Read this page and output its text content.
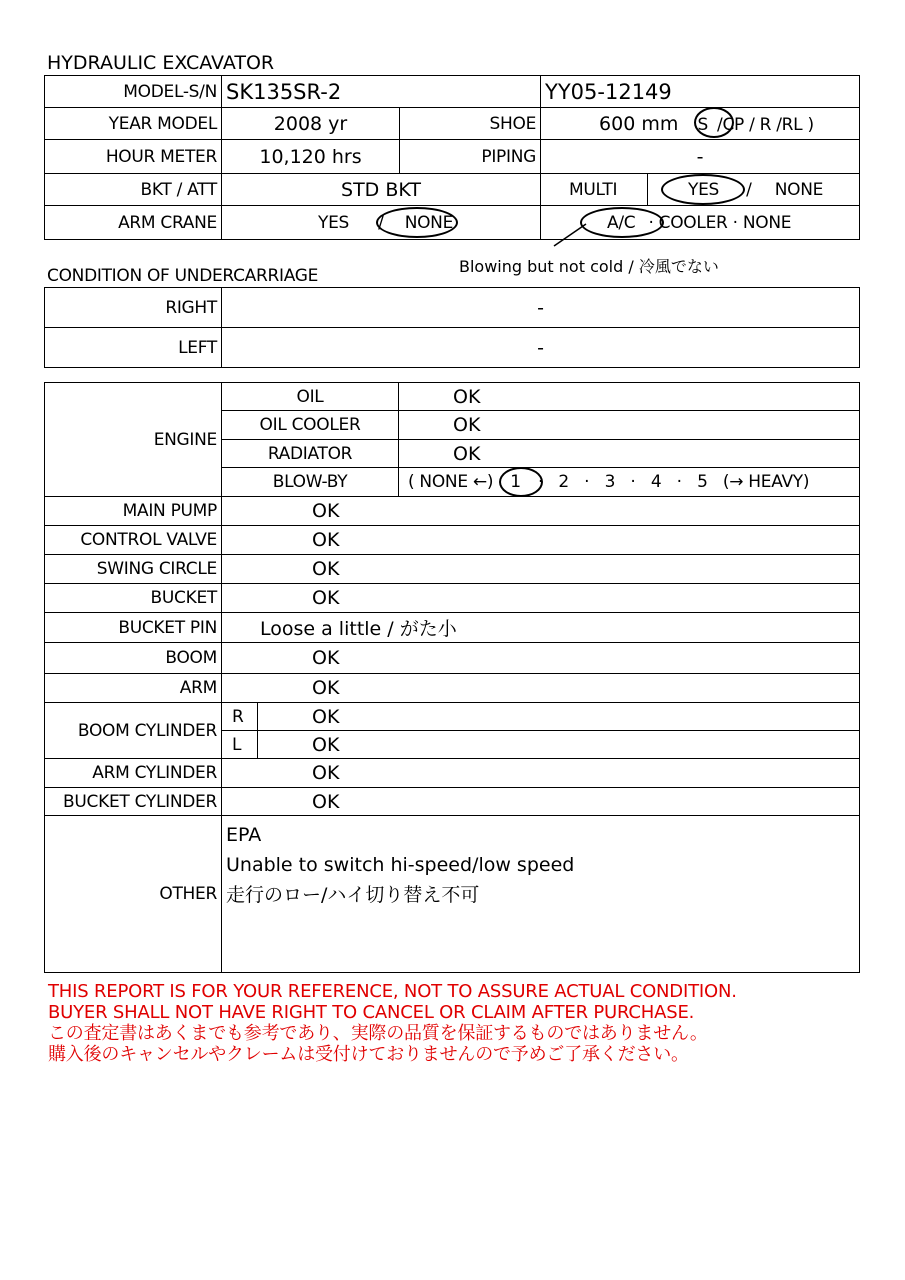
HYDRAULIC EXCAVATOR
MODEL-S/N	SK135SR-2		YY05-12149	
YEAR MODEL	2008 yr	SHOE	600 mm S /CP / R /RL )	
HOUR METER	10,120 hrs	PIPING	-	
BKT / ATT	STD BKT		MULTI	YES / NONE
ARM CRANE	YES / NONE		A/C · COOLER · NONE	
Blowing but not cold / 冷風でない
CONDITION OF UNDERCARRIAGE
RIGHT	-
LEFT	-
ENGINE	OIL		OK
	OIL COOLER		OK
	RADIATOR		OK
	BLOW-BY		( NONE ←) 1 ·   2   ·   3   ·   4   ·   5   (→ HEAVY)
MAIN PUMP	OK		
CONTROL VALVE	OK		
SWING CIRCLE	OK		
BUCKET	OK		
BUCKET PIN	Loose a little / がた小		
BOOM	OK		
ARM	OK		
BOOM CYLINDER	R	OK	
	L	OK	
ARM CYLINDER	OK		
BUCKET CYLINDER	OK		
OTHER	EPA
Unable to switch hi-speed/low speed
走行のロー/ハイ切り替え不可		
THIS REPORT IS FOR YOUR REFERENCE, NOT TO ASSURE ACTUAL CONDITION.
BUYER SHALL NOT HAVE RIGHT TO CANCEL OR CLAIM AFTER PURCHASE.
この査定書はあくまでも参考であり、実際の品質を保証するものではありません。
購入後のキャンセルやクレームは受付けておりませんので予めご了承ください。
